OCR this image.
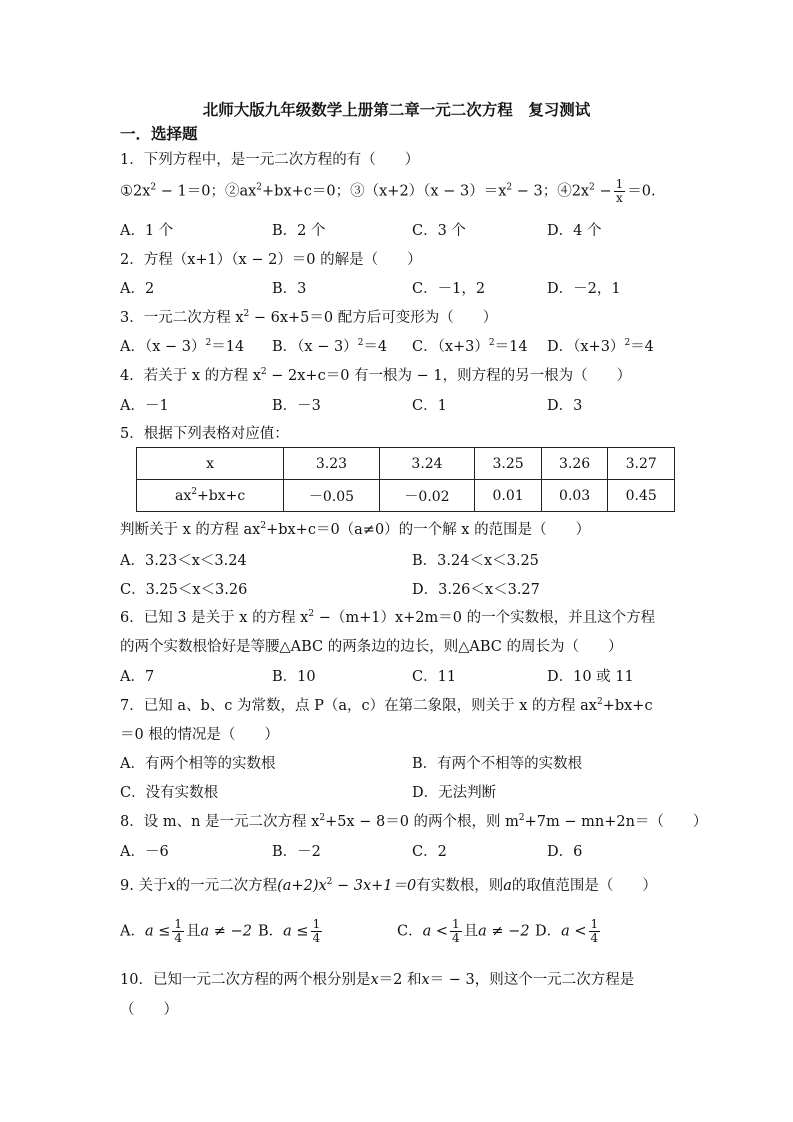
北师大版九年级数学上册第二章一元二次方程　复习测试
一．选择题
1．下列方程中，是一元二次方程的有（　　）
$①2x^2 - 1=0$；$②ax^2+bx+c=0$；③（x+2）（x − $3)=x^2 - 3$；$④2x^2 - \frac{1}{x} =0$.
A．1 个	B．2 个	C．3 个	D．4 个
2．方程（x+1）（x − 2）＝0 的解是（　　）
A．2	B．3	C．－1，2	D．－2，1
3．一元二次方程 $x^2 - 6x+5=0$ 配方后可变形为（　　）
A．$(x - 3)^2=14$ B．$(x - 3)^2=4$ C．$(x+3)^2=14$ D．$(x+3)^2=4$
4．若关于 x 的方程 $x^2 - 2x+c=0$ 有一根为 − 1，则方程的另一根为（　　）
A．－1	B．－3	C．1	D．3
5．根据下列表格对应值：
x	3.23	3.24	3.25	3.26	3.27
$ax^2+bx+c$	－0.05	－0.02	0.01	0.03	0.45
判断关于 x 的方程 $ax^2+bx+c=0(a\ne 0)$的一个解 x 的范围是（　　）
A．3.23＜x＜3.24	B．3.24＜x＜3.25
C．3.25＜x＜3.26	D．3.26＜x＜3.27
6．已知 3 是关于 x 的方程 $x^2 -(m+1)x+2m=0$ 的一个实数根，并且这个方程
的两个实数根恰好是等腰△ABC 的两条边的边长，则△ABC 的周长为（　　）
A．7	B．10	C．11	D．10 或 11
7．已知 a、b、c 为常数，点 P（a，c）在第二象限，则关于 x 的方程 $ax^2+bx+c$
＝0 根的情况是（　　）
A．有两个相等的实数根	B．有两个不相等的实数根
C．没有实数根	D．无法判断
8．设 m、n 是一元二次方程 $x^2+5x - 8=0$ 的两个根，则 $m^2+7m - mn+2n=$（　　）
A．－6	B．－2	C．2	D．6
9. 关于x的一元二次方程$(a+2)x^2 - 3x+1=0$有实数根，则a的取值范围是（　　）
A．$a \le \frac{1}{4}$ 且a ≠ −2 B．$a \le \frac{1}{4}$	C．$a < \frac{1}{4}$ 且a ≠ −2 D．$a < \frac{1}{4}$
10．已知一元二次方程的两个根分别是x＝2 和x＝ − 3，则这个一元二次方程是
（　　）
